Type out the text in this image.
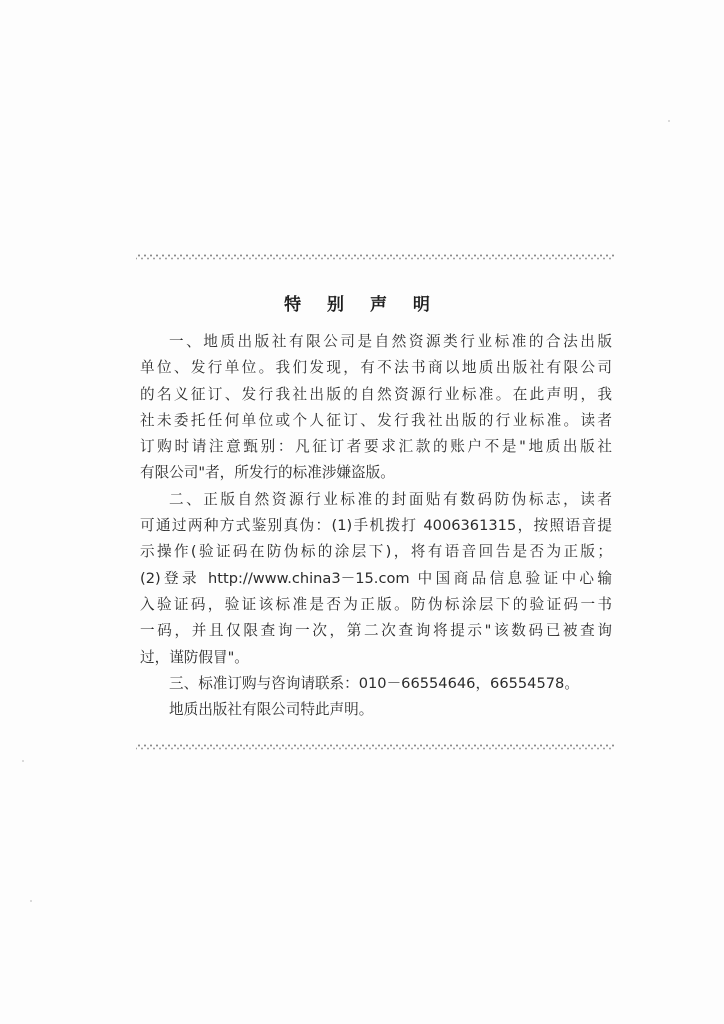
特 别 声 明
一、地质出版社有限公司是自然资源类行业标准的合法出版
单位、发行单位。我们发现，有不法书商以地质出版社有限公司
的名义征订、发行我社出版的自然资源行业标准。在此声明，我
社未委托任何单位或个人征订、发行我社出版的行业标准。读者
订购时请注意甄别：凡征订者要求汇款的账户不是"地质出版社
有限公司"者，所发行的标准涉嫌盗版。
二、正版自然资源行业标准的封面贴有数码防伪标志，读者
可通过两种方式鉴别真伪：(1)手机拨打 4006361315，按照语音提
示操作(验证码在防伪标的涂层下)，将有语音回告是否为正版；
(2)登录 http://www.china3－15.com 中国商品信息验证中心输
入验证码，验证该标准是否为正版。防伪标涂层下的验证码一书
一码，并且仅限查询一次，第二次查询将提示"该数码已被查询
过，谨防假冒"。
三、标准订购与咨询请联系：010－66554646，66554578。
地质出版社有限公司特此声明。
